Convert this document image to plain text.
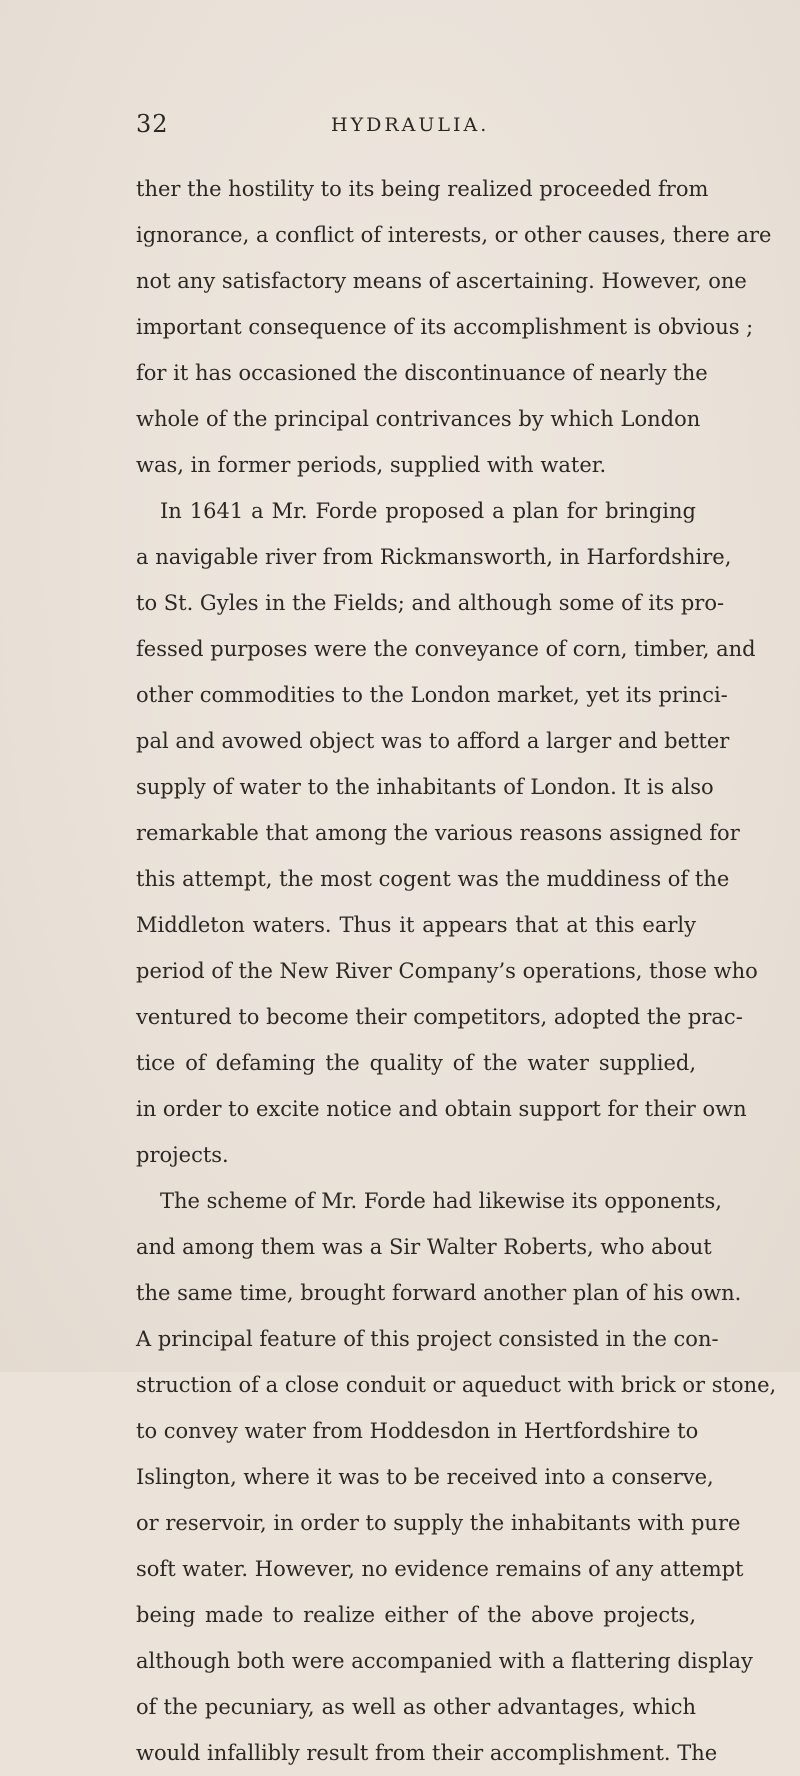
32	HYDRAULIA.
ther the hostility to its being realized proceeded from
ignorance, a conflict of interests, or other causes, there are
not any satisfactory means of ascertaining. However, one
important consequence of its accomplishment is obvious ;
for it has occasioned the discontinuance of nearly the
whole of the principal contrivances by which London
was, in former periods, supplied with water.
In 1641 a Mr. Forde proposed a plan for bringing
a navigable river from Rickmansworth, in Harfordshire,
to St. Gyles in the Fields; and although some of its pro-
fessed purposes were the conveyance of corn, timber, and
other commodities to the London market, yet its princi-
pal and avowed object was to afford a larger and better
supply of water to the inhabitants of London. It is also
remarkable that among the various reasons assigned for
this attempt, the most cogent was the muddiness of the
Middleton waters. Thus it appears that at this early
period of the New River Company’s operations, those who
ventured to become their competitors, adopted the prac-
tice of defaming the quality of the water supplied,
in order to excite notice and obtain support for their own
projects.
The scheme of Mr. Forde had likewise its opponents,
and among them was a Sir Walter Roberts, who about
the same time, brought forward another plan of his own.
A principal feature of this project consisted in the con-
struction of a close conduit or aqueduct with brick or stone,
to convey water from Hoddesdon in Hertfordshire to
Islington, where it was to be received into a conserve,
or reservoir, in order to supply the inhabitants with pure
soft water. However, no evidence remains of any attempt
being made to realize either of the above projects,
although both were accompanied with a flattering display
of the pecuniary, as well as other advantages, which
would infallibly result from their accomplishment. The
